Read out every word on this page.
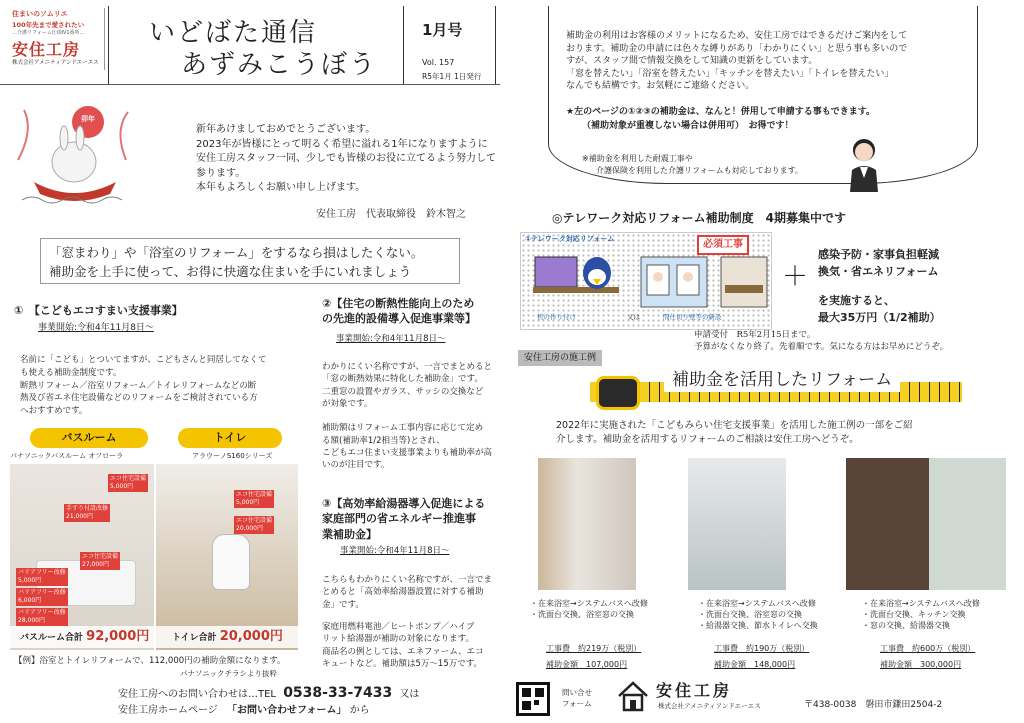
住まいのソムリエ
100年先まで愛されたい
…介護リフォーム仕様Ⅳ1番所…
安住工房
株式会社アメニティアンドエーエス
いどばた通信
あずみこうぼう
1月号
Vol. 157
R5年1月 1日発行
卯年
新年あけましておめでとうございます。
2023年が皆様にとって明るく希望に溢れる1年になりますように
安住工房スタッフ一同、少しでも皆様のお役に立てるよう努力して
参ります。
本年もよろしくお願い申し上げます。
安住工房　代表取締役　鈴木智之
「窓まわり」や「浴室のリフォーム」をするなら損はしたくない。
補助金を上手に使って、お得に快適な住まいを手にいれましょう
①　【こどもエコすまい支援事業】
事業開始:令和4年11月8日〜
名前に「こども」とついてますが、こどもさんと同居してなくて
も使える補助金制度です。
断熱リフォーム／浴室リフォーム／トイレリフォームなどの断
熱及び省エネ住宅設備などのリフォームをご検討されている方
へおすすめです。
バスルーム	トイレ
パナソニックバスルーム オフローラ	アラウーノS160シリーズ
手すり付設改修
21,000円
エコ住宅設備
5,000円
エコ住宅設備
27,000円
バリアフリー改修
5,000円
バリアフリー改修
6,000円
バリアフリー改修
28,000円
バスルーム合計 92,000円
エコ住宅設備
5,000円
エコ住宅設備
20,000円
トイレ合計 20,000円
【例】浴室とトイレリフォームで、112,000円の補助金額になります。
パナソニックチラシより抜粋
②【住宅の断熱性能向上のため
の先進的設備導入促進事業等】
事業開始:令和4年11月8日〜
わかりにくい名称ですが、一言でまとめると
「窓の断熱効果に特化した補助金」です。
二重窓の設置やガラス、サッシの交換など
が対象です。
補助額はリフォーム工事内容に応じて定め
る額(補助率1/2相当等)とされ、
こどもエコ住まい支援事業よりも補助率が高
いのが注目です。
③【高効率給湯器導入促進による
家庭部門の省エネルギー推進事
業補助金】
事業開始:令和4年11月8日〜
こちらもわかりにくい名称ですが、一言でま
とめると「高効率給湯器設置に対する補助
金」です。
家庭用燃料電池／ヒートポンプ／ハイブ
リット給湯器が補助の対象になります。
商品名の例としては、エネファーム、エコ
キュートなど。補助額は5万〜15万です。
安住工房へのお問い合わせは…TEL 0538-33-7433 又は
安住工房ホームページ 「お問い合わせフォーム」 から
補助金の利用はお客様のメリットになるため、安住工房ではできるだけご案内をして
おります。補助金の申請には色々な縛りがあり「わかりにくい」と思う事も多いので
すが、スタッフ間で情報交換をして知識の更新をしています。
「窓を替えたい」「浴室を替えたい」「キッチンを替えたい」「トイレを替えたい」
なんでも結構です。お気軽にご連絡ください。
★左のページの①②③の補助金は、なんと！併用して申請する事もできます。
（補助対象が重複しない場合は併用可）　お得です！
※補助金を利用した耐震工事や
介護保険を利用した介護リフォームも対応しております。
◎テレワーク対応リフォーム補助制度　4期募集中です
①テレワーク対応リフォーム	必須工事
机の作り付け	又は	間仕切り壁等の新設
＋
感染予防・家事負担軽減
換気・省エネリフォーム
を実施すると、
最大35万円（1/2補助）
申請受付　R5年2月15日まで。
予算がなくなり終了。先着順です。気になる方はお早めにどうぞ。
安住工房の施工例
補助金を活用したリフォーム
2022年に実施された「こどもみらい住宅支援事業」を活用した施工例の一部をご紹
介します。補助金を活用するリフォームのご相談は安住工房へどうぞ。
・在来浴室→システムバスへ改修
・洗面台交換、浴室窓の交換
・在来浴室→システムバスへ改修
・洗面台交換、浴室窓の交換
・給湯器交換、節水トイレへ交換
・在来浴室→システムバスへ改修
・洗面台交換、キッチン交換
・窓の交換、給湯器交換
工事費　約219万（税別）
補助金額　107,000円
工事費　約190万（税別）
補助金額　148,000円
工事費　約600万（税別）
補助金額　300,000円
問い合せ
フォーム
安住工房
株式会社アメニティアンドエーエス	〒438-0038　磐田市鎌田2504-2
